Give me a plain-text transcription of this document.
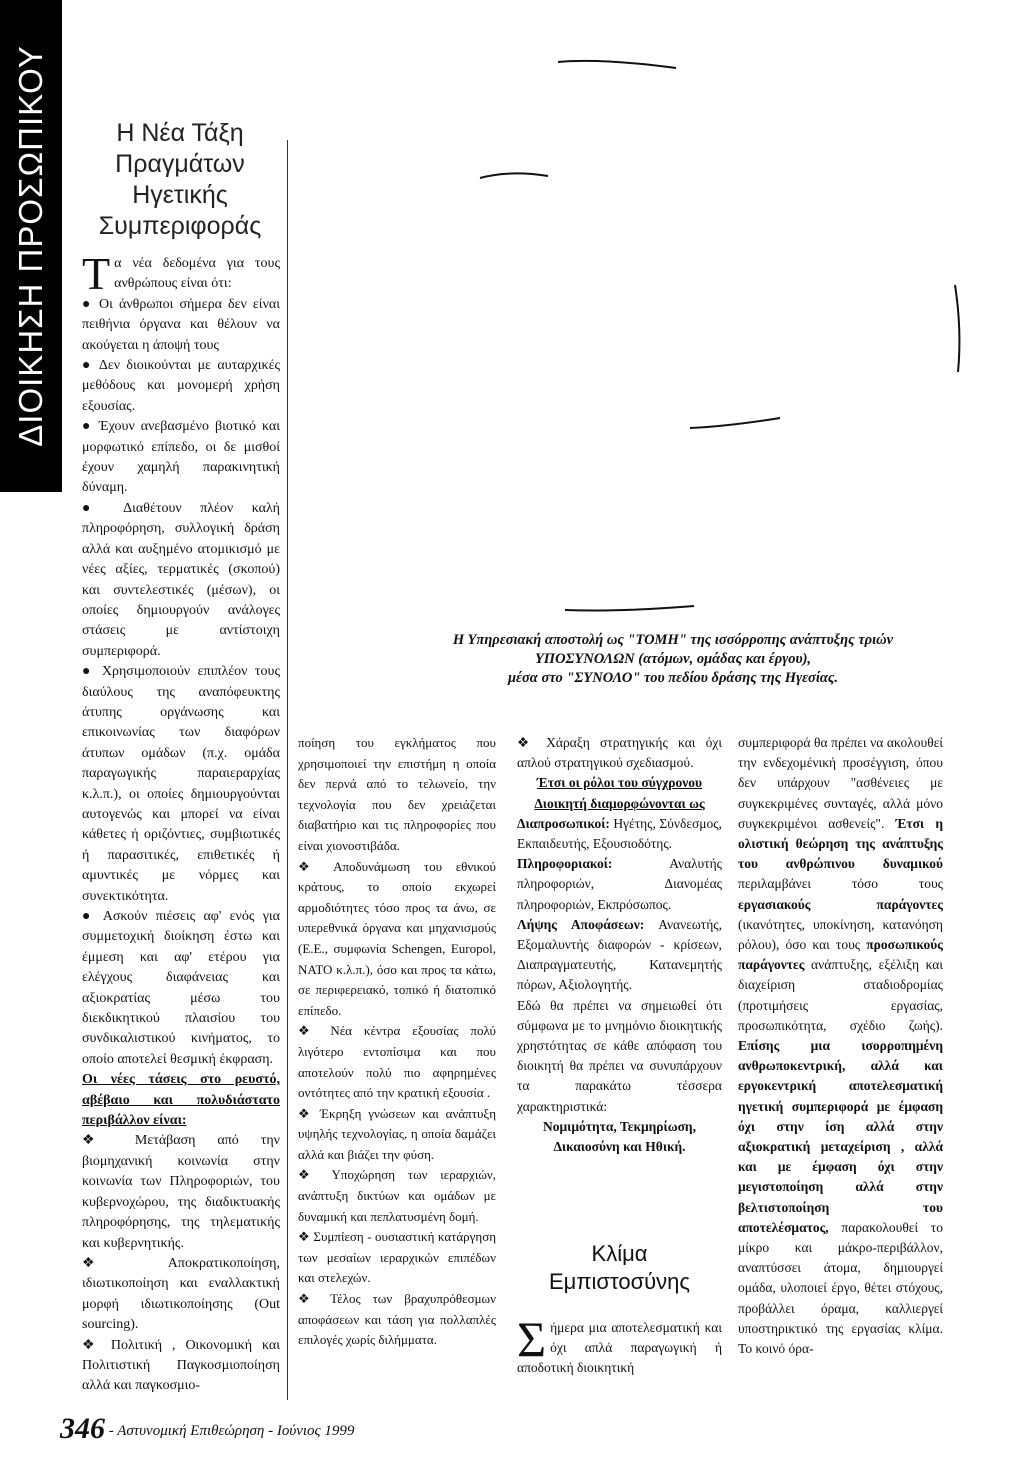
ΔΙΟΙΚΗΣΗ ΠΡΟΣΩΠΙΚΟΥ	Η Νέα Τάξη
Πραγμάτων
Ηγετικής
Συμπεριφοράς

Τα νέα δεδομένα για τους ανθρώπους είναι ότι:

● Οι άνθρωποι σήμερα δεν είναι πειθήνια όργανα και θέλουν να ακούγεται η άποψή τους

● Δεν διοικούνται με αυταρχικές μεθόδους και μονομερή χρήση εξουσίας.

● Έχουν ανεβασμένο βιοτικό και μορφωτικό επίπεδο, οι δε μισθοί έχουν χαμηλή παρακινητική δύναμη.

● Διαθέτουν πλέον καλή πληροφόρηση, συλλογική δράση αλλά και αυξημένο ατομικισμό με νέες αξίες, τερματικές (σκοπού) και συντελεστικές (μέσων), οι οποίες δημιουργούν ανάλογες στάσεις με αντίστοιχη συμπεριφορά.

● Χρησιμοποιούν επιπλέον τους διαύλους της αναπόφευκτης άτυπης οργάνωσης και επικοινωνίας των διαφόρων άτυπων ομάδων (π.χ. ομάδα παραγωγικής παραιεραρχίας κ.λ.π.), οι οποίες δημιουργούνται αυτογενώς και μπορεί να είναι κάθετες ή οριζόντιες, συμβιωτικές ή παρασιτικές, επιθετικές ή αμυντικές με νόρμες και συνεκτικότητα.

● Ασκούν πιέσεις αφ' ενός για συμμετοχική διοίκηση έστω και έμμεση και αφ' ετέρου για ελέγχους διαφάνειας και αξιοκρατίας μέσω του διεκδικητικού πλαισίου του συνδικαλιστικού κινήματος, το οποίο αποτελεί θεσμική έκφραση.

Οι νέες τάσεις στο ρευστό, αβέβαιο και πολυδιάστατο περιβάλλον είναι:

❖ Μετάβαση από την βιομηχανική κοινωνία στην κοινωνία των Πληροφοριών, του κυβερνοχώρου, της διαδικτυακής πληροφόρησης, της τηλεματικής και κυβερνητικής.

❖ Αποκρατικοποίηση, ιδιωτικοποίηση και εναλλακτική μορφή ιδιωτικοποίησης (Out sourcing).

❖ Πολιτική , Οικονομική και Πολιτιστική Παγκοσμιοποίηση αλλά και παγκοσμιο-

Η Υπηρεσιακή αποστολή ως "ΤΟΜΗ" της ισσόρροπης ανάπτυξης τριών
ΥΠΟΣΥΝΟΛΩΝ (ατόμων, ομάδας και έργου),
μέσα στο "ΣΥΝΟΛΟ" του πεδίου δράσης της Ηγεσίας.

ποίηση του εγκλήματος που χρησιμοποιεί την επιστήμη η οποία δεν περνά από το τελωνείο, την τεχνολογία που δεν χρειάζεται διαβατήριο και τις πληροφορίες που είναι χιονοστιβάδα.

❖ Αποδυνάμωση του εθνικού κράτους, το οποίο εκχωρεί αρμοδιότητες τόσο προς τα άνω, σε υπερεθνικά όργανα και μηχανισμούς (Ε.Ε., συμφωνία Schengen, Europol, ΝΑΤΟ κ.λ.π.), όσο και προς τα κάτω, σε περιφερειακό, τοπικό ή διατοπικό επίπεδο.

❖ Νέα κέντρα εξουσίας πολύ λιγότερο εντοπίσιμα και που αποτελούν πολύ πιο αφηρημένες οντότητες από την κρατική εξουσία .

❖ Έκρηξη γνώσεων και ανάπτυξη υψηλής τεχνολογίας, η οποία δαμάζει αλλά και βιάζει την φύση.

❖ Υποχώρηση των ιεραρχιών, ανάπτυξη δικτύων και ομάδων με δυναμική και πεπλατυσμένη δομή.

❖ Συμπίεση - ουσιαστική κατάργηση των μεσαίων ιεραρχικών επιπέδων και στελεχών.

❖ Τέλος των βραχυπρόθεσμων αποφάσεων και τάση για πολλαπλές επιλογές χωρίς διλήμματα.

❖ Χάραξη στρατηγικής και όχι απλού στρατηγικού σχεδιασμού.

Έτσι οι ρόλοι του σύγχρονου Διοικητή διαμορφώνονται ως

Διαπροσωπικοί: Ηγέτης, Σύνδεσμος, Εκπαιδευτής, Εξουσιοδότης.

Πληροφοριακοί: Αναλυτής πληροφοριών, Διανομέας πληροφοριών, Εκπρόσωπος.

Λήψης Αποφάσεων: Ανανεωτής, Εξομαλυντής διαφορών - κρίσεων, Διαπραγματευτής, Κατανεμητής πόρων, Αξιολογητής.

Εδώ θα πρέπει να σημειωθεί ότι σύμφωνα με το μνημόνιο διοικητικής χρηστότητας σε κάθε απόφαση του διοικητή θα πρέπει να συνυπάρχουν τα παρακάτω τέσσερα χαρακτηριστικά:

Νομιμότητα, Τεκμηρίωση, Δικαιοσύνη και Ηθική.

Κλίμα
Εμπιστοσύνης

Σήμερα μια αποτελεσματική και όχι απλά παραγωγική ή αποδοτική διοικητική

συμπεριφορά θα πρέπει να ακολουθεί την ενδεχομένική προσέγγιση, όπου δεν υπάρχουν "ασθένειες με συγκεκριμένες συνταγές, αλλά μόνο συγκεκριμένοι ασθενείς". Έτσι η ολιστική θεώρηση της ανάπτυξης του ανθρώπινου δυναμικού περιλαμβάνει τόσο τους εργασιακούς παράγοντες (ικανότητες, υποκίνηση, κατανόηση ρόλου), όσο και τους προσωπικούς παράγοντες ανάπτυξης, εξέλιξη και διαχείριση σταδιοδρομίας (προτιμήσεις εργασίας, προσωπικότητα, σχέδιο ζωής). Επίσης μια ισορροπημένη ανθρωποκεντρική, αλλά και εργοκεντρική αποτελεσματική ηγετική συμπεριφορά με έμφαση όχι στην ίση αλλά στην αξιοκρατική μεταχείριση , αλλά και με έμφαση όχι στην μεγιστοποίηση αλλά στην βελτιστοποίηση του αποτελέσματος, παρακολουθεί το μίκρο και μάκρο-περιβάλλον, αναπτύσσει άτομα, δημιουργεί ομάδα, υλοποιεί έργο, θέτει στόχους, προβάλλει όραμα, καλλιεργεί υποστηρικτικό της εργασίας κλίμα. Το κοινό όρα-

346 - Αστυνομική Επιθεώρηση - Ιούνιος 1999
